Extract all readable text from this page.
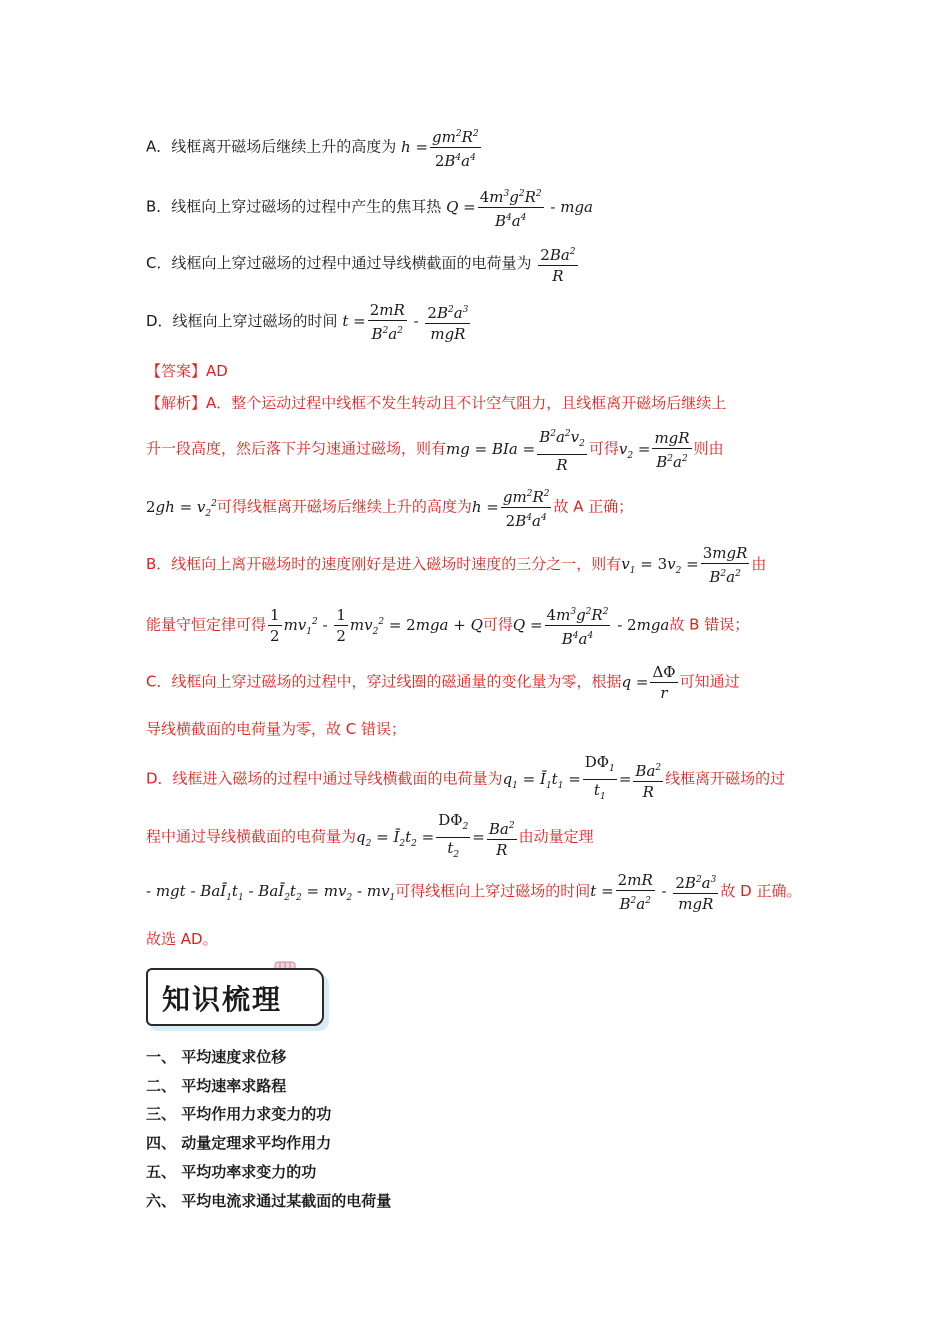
A．线框离开磁场后继续上升的高度为 $h = \frac{gm^2R^2}{2B^4a^4}$
B．线框向上穿过磁场的过程中产生的焦耳热 $Q = \frac{4m^3g^2R^2}{B^4a^4}$ - mga
C．线框向上穿过磁场的过程中通过导线横截面的电荷量为 $\frac{2Ba^2}{R}$
D．线框向上穿过磁场的时间 $t = \frac{2mR}{B^2a^2} - \frac{2B^2a^3}{\text{mgR}}$
【答案】AD
【解析】A．整个运动过程中线框不发生转动且不计空气阻力，且线框离开磁场后继续上
升一段高度，然后落下并匀速通过磁场，则有mg = BIa = $\frac{B^2a^2v_2}{R}$ 可得$v_2 = \frac{\text{mgR}}{B^2a^2}$ 则由
$2gh = v_2^2$可得线框离开磁场后继续上升的高度为$h = \frac{gm^2R^2}{2B^4a^4}$ 故 A 正确；
B．线框向上离开磁场时的速度刚好是进入磁场时速度的三分之一，则有$v_1 = 3v_2 = \frac{\text{3mgR}}{B^2a^2}$ 由
能量守恒定律可得 $\frac{1}{2} mv_1^2 - \frac{1}{2} mv_2^2 = 2mga + Q$可得$Q = \frac{4m^3g^2R^2}{B^4a^4} - 2mga$故 B 错误；
C．线框向上穿过磁场的过程中，穿过线圈的磁通量的变化量为零，根据$q = \frac{\Delta\Phi}{r}$ 可知通过
导线横截面的电荷量为零，故 C 错误；
D．线框进入磁场的过程中通过导线横截面的电荷量为$q_1$ = $Ī_1t_1 = \frac{D\Phi_1}{t_1} = \frac{Ba^2}{R}$ 线框离开磁场的过
程中通过导线横截面的电荷量为$q_2$ = $Ī_2t_2 = \frac{D\Phi_2}{t_2} = \frac{Ba^2}{R}$ 由动量定理
- mgt - $BaĪ_1t_1$ - $BaĪ_2t_2 = mv_2 - mv_1$可得线框向上穿过磁场的时间$t = \frac{2mR}{B^2a^2} - \frac{2B^2a^3}{\text{mgR}}$ 故 D 正确。
故选 AD。
知识梳理
一、 平均速度求位移
二、 平均速率求路程
三、 平均作用力求变力的功
四、 动量定理求平均作用力
五、 平均功率求变力的功
六、 平均电流求通过某截面的电荷量
